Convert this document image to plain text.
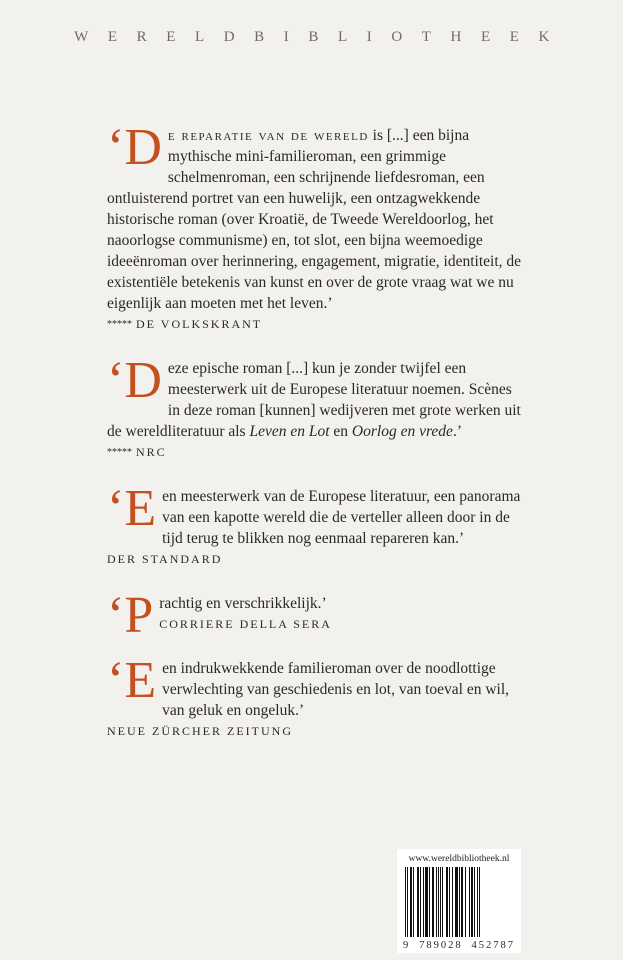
WERELDBIBLIOTHEEK

‘D e reparatie van de wereld is [...] een bijna mythische mini-familieroman, een grimmige schelmenroman, een schrijnende liefdesroman, een ontluisterend portret van een huwelijk, een ontzagwekkende historische roman (over Kroatië, de Tweede Wereldoorlog, het naoorlogse communisme) en, tot slot, een bijna weemoedige ideeënroman over herinnering, engagement, migratie, identiteit, de existentiële betekenis van kunst en over de grote vraag wat we nu eigenlijk aan moeten met het leven.’

***** DE VOLKSKRANT

‘D eze epische roman [...] kun je zonder twijfel een meesterwerk uit de Europese literatuur noemen. Scènes in deze roman [kunnen] wedijveren met grote werken uit de wereldliteratuur als Leven en Lot en Oorlog en vrede.’

***** NRC

‘E en meesterwerk van de Europese literatuur, een panorama van een kapotte wereld die de verteller alleen door in de tijd terug te blikken nog eenmaal repareren kan.’

DER STANDARD

‘P rachtig en verschrikkelijk.’

CORRIERE DELLA SERA

‘E en indrukwekkende familieroman over de noodlottige verwlechting van geschiedenis en lot, van toeval en wil, van geluk en ongeluk.’

NEUE ZÜRCHER ZEITUNG
www.wereldbibliotheek.nl
9 789028 452787
